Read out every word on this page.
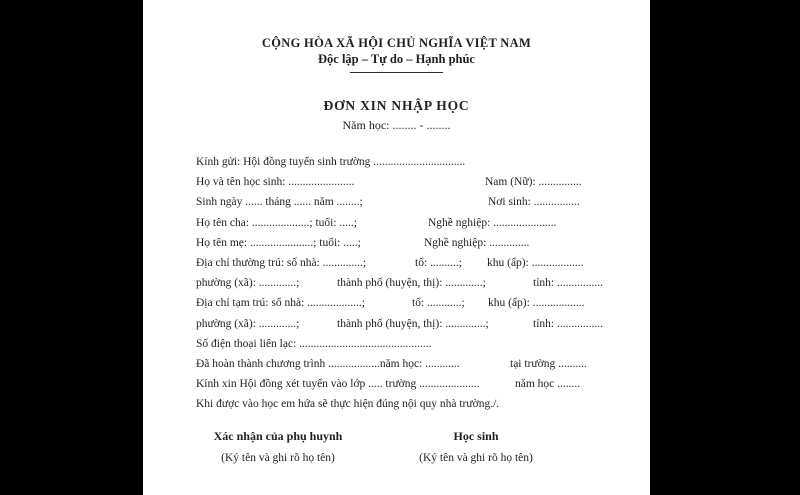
CỘNG HÒA XÃ HỘI CHỦ NGHĨA VIỆT NAM
Độc lập – Tự do – Hạnh phúc
ĐƠN XIN NHẬP HỌC
Năm học: ........ - ........
Kính gửi: Hội đồng tuyển sinh trường ................................
Họ và tên học sinh: .......................	Nam (Nữ): ...............
Sinh ngày ...... tháng ...... năm ........;	Nơi sinh: ................
Họ tên cha: ....................; tuổi: .....;	Nghề nghiệp: ......................
Họ tên mẹ: ......................; tuổi: .....;	Nghề nghiệp: ..............
Địa chỉ thường trú: số nhà: ..............;	tổ: ..........; khu (ấp): ..................
phường (xã): .............;	thành phố (huyện, thị): .............;	tỉnh: ................
Địa chỉ tạm trú: số nhà: ...................;	tổ: ............; khu (ấp): ..................
phường (xã): .............;	thành phố (huyện, thị): ..............;	tỉnh: ................
Số điện thoại liên lạc: ..............................................
Đã hoàn thành chương trình ..................năm học: ............	tại trường ..........
Kính xin Hội đồng xét tuyển vào lớp ..... trường .....................	năm học ........
Khi được vào học em hứa sẽ thực hiện đúng nội quy nhà trường./.
Xác nhận của phụ huynh
(Ký tên và ghi rõ họ tên)
Học sinh
(Ký tên và ghi rõ họ tên)
